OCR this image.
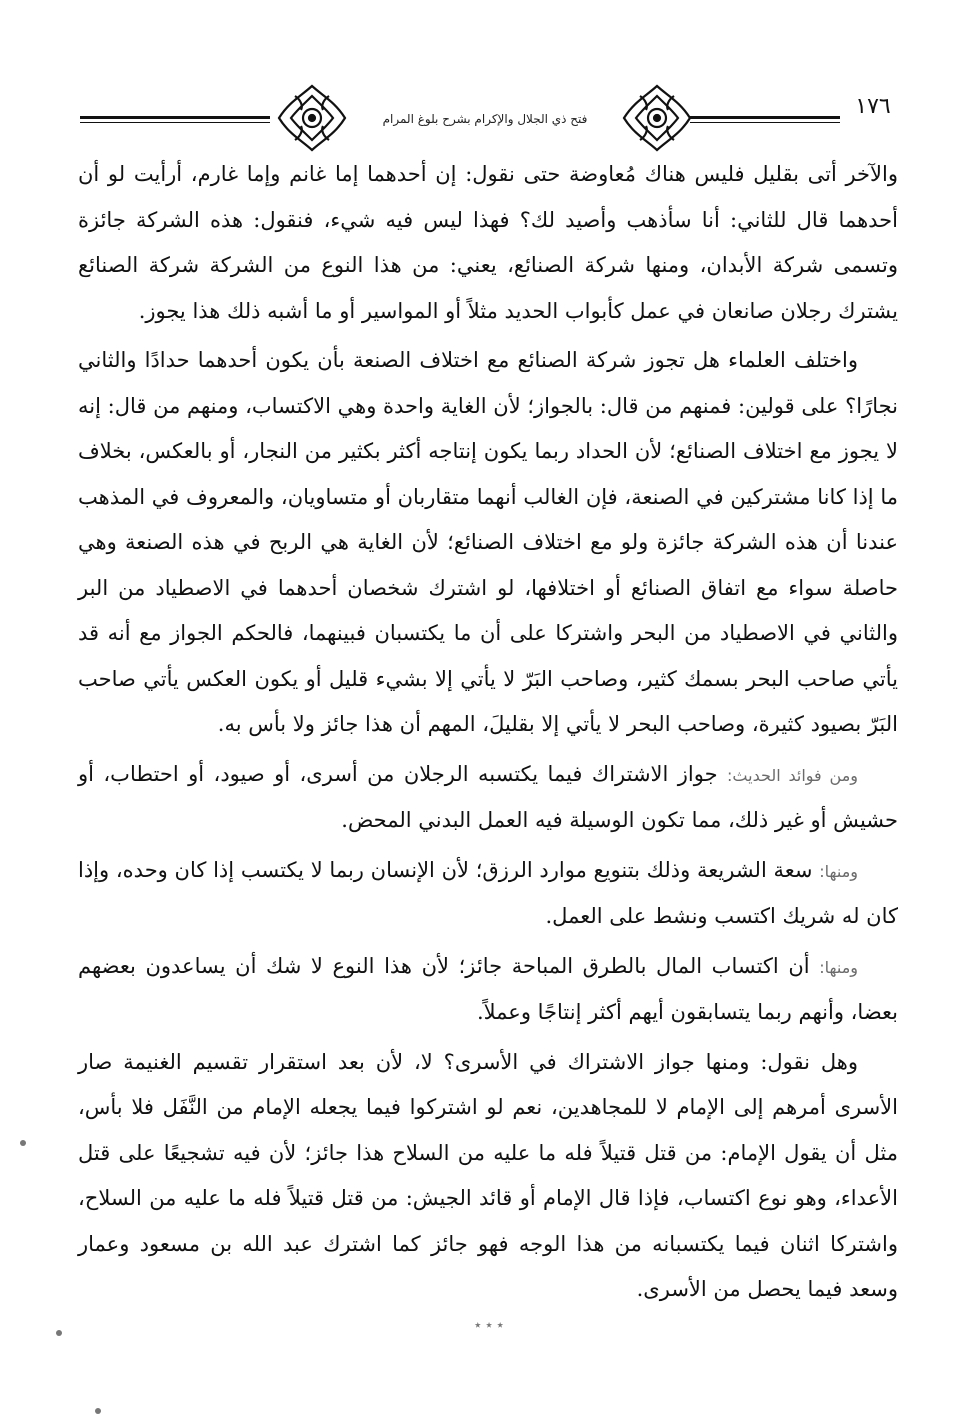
فتح ذي الجلال والإكرام بشرح بلوغ المرام	١٧٦

والآخر أتى بقليل فليس هناك مُعاوضة حتى نقول: إن أحدهما إما غانم وإما غارم، أرأيت لو أن أحدهما قال للثاني: أنا سأذهب وأصيد لك؟ فهذا ليس فيه شيء، فنقول: هذه الشركة جائزة وتسمى شركة الأبدان، ومنها شركة الصنائع، يعني: من هذا النوع من الشركة شركة الصنائع يشترك رجلان صانعان في عمل كأبواب الحديد مثلاً أو المواسير أو ما أشبه ذلك هذا يجوز.

واختلف العلماء هل تجوز شركة الصنائع مع اختلاف الصنعة بأن يكون أحدهما حدادًا والثاني نجارًا؟ على قولين: فمنهم من قال: بالجواز؛ لأن الغاية واحدة وهي الاكتساب، ومنهم من قال: إنه لا يجوز مع اختلاف الصنائع؛ لأن الحداد ربما يكون إنتاجه أكثر بكثير من النجار، أو بالعكس، بخلاف ما إذا كانا مشتركين في الصنعة، فإن الغالب أنهما متقاربان أو متساويان، والمعروف في المذهب عندنا أن هذه الشركة جائزة ولو مع اختلاف الصنائع؛ لأن الغاية هي الربح في هذه الصنعة وهي حاصلة سواء مع اتفاق الصنائع أو اختلافها، لو اشترك شخصان أحدهما في الاصطياد من البر والثاني في الاصطياد من البحر واشتركا على أن ما يكتسبان فبينهما، فالحكم الجواز مع أنه قد يأتي صاحب البحر بسمك كثير، وصاحب البَرّ لا يأتي إلا بشيء قليل أو يكون العكس يأتي صاحب البَرّ بصيود كثيرة، وصاحب البحر لا يأتي إلا بقليلَ، المهم أن هذا جائز ولا بأس به.

ومن فوائد الحديث: جواز الاشتراك فيما يكتسبه الرجلان من أسرى، أو صيود، أو احتطاب، أو حشيش أو غير ذلك، مما تكون الوسيلة فيه العمل البدني المحض.

ومنها: سعة الشريعة وذلك بتنويع موارد الرزق؛ لأن الإنسان ربما لا يكتسب إذا كان وحده، وإذا كان له شريك اكتسب ونشط على العمل.

ومنها: أن اكتساب المال بالطرق المباحة جائز؛ لأن هذا النوع لا شك أن يساعدون بعضهم بعضا، وأنهم ربما يتسابقون أيهم أكثر إنتاجًا وعملاً.

وهل نقول: ومنها جواز الاشتراك في الأسرى؟ لا، لأن بعد استقرار تقسيم الغنيمة صار الأسرى أمرهم إلى الإمام لا للمجاهدين، نعم لو اشتركوا فيما يجعله الإمام من النَّفَل فلا بأس، مثل أن يقول الإمام: من قتل قتيلاً فله ما عليه من السلاح هذا جائز؛ لأن فيه تشجيعًا على قتل الأعداء، وهو نوع اكتساب، فإذا قال الإمام أو قائد الجيش: من قتل قتيلاً فله ما عليه من السلاح، واشتركا اثنان فيما يكتسبانه من هذا الوجه فهو جائز كما اشترك عبد الله بن مسعود وعمار وسعد فيما يحصل من الأسرى.

٭ ٭ ٭
